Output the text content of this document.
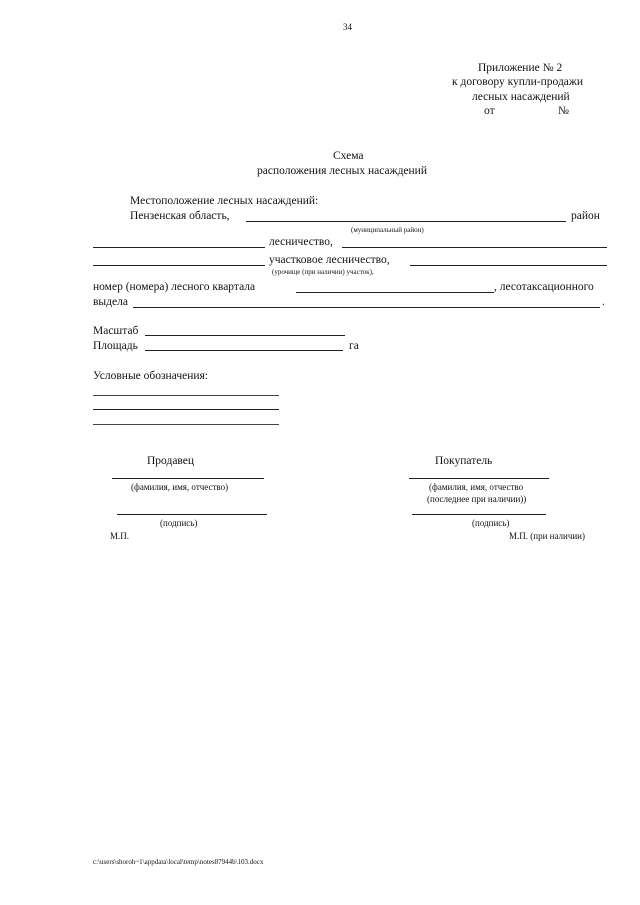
34
Приложение № 2
к договору купли-продажи
лесных насаждений
от	№
Схема
расположения лесных насаждений
Местоположение лесных насаждений:
Пензенская область,	район
(муниципальный район)
лесничество,
участковое лесничество,
(урочище (при наличии) участок),
номер (номера) лесного квартала	, лесотаксационного
выдела	.
Масштаб
Площадь	га
Условные обозначения:
Продавец
(фамилия, имя, отчество)
(подпись)
М.П.
Покупатель
(фамилия, имя, отчество
(последнее при наличии))
(подпись)
М.П. (при наличии)
c:\users\shoroh~1\appdata\local\temp\notes87944b\103.docx
